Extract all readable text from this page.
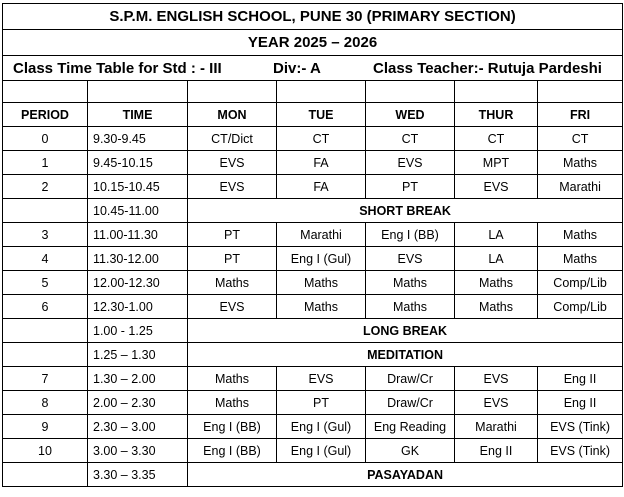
S.P.M. ENGLISH SCHOOL, PUNE 30 (PRIMARY SECTION)						
YEAR 2025 – 2026						
Class Time Table for Std : - III Div:- A Class Teacher:- Rutuja Pardeshi						

PERIOD	TIME	MON	TUE	WED	THUR	FRI
0	9.30-9.45	CT/Dict	CT	CT	CT	CT
1	9.45-10.15	EVS	FA	EVS	MPT	Maths
2	10.15-10.45	EVS	FA	PT	EVS	Marathi
	10.45-11.00	SHORT BREAK				
3	11.00-11.30	PT	Marathi	Eng I (BB)	LA	Maths
4	11.30-12.00	PT	Eng I (Gul)	EVS	LA	Maths
5	12.00-12.30	Maths	Maths	Maths	Maths	Comp/Lib
6	12.30-1.00	EVS	Maths	Maths	Maths	Comp/Lib
	1.00 - 1.25	LONG BREAK				
	1.25 – 1.30	MEDITATION				
7	1.30 – 2.00	Maths	EVS	Draw/Cr	EVS	Eng II
8	2.00 – 2.30	Maths	PT	Draw/Cr	EVS	Eng II
9	2.30 – 3.00	Eng I (BB)	Eng I (Gul)	Eng Reading	Marathi	EVS (Tink)
10	3.00 – 3.30	Eng I (BB)	Eng I (Gul)	GK	Eng II	EVS (Tink)
	3.30 – 3.35	PASAYADAN				
